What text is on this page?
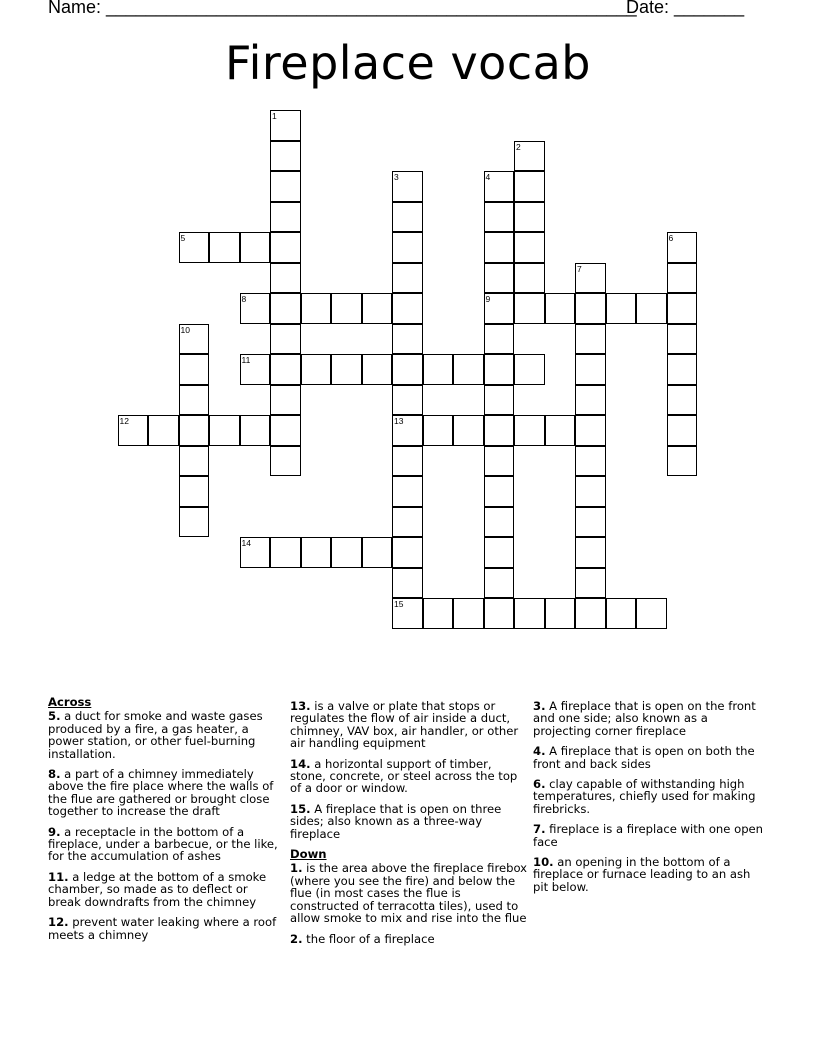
Name: _____________________________________________________
Date: _______
Fireplace vocab
1
2
3
13
15
4
9
5	6
7
8
10
11
12
14
Across
5. a duct for smoke and waste gases produced by a fire, a gas heater, a power station, or other fuel-burning installation.
8. a part of a chimney immediately above the fire place where the walls of the flue are gathered or brought close together to increase the draft
9. a receptacle in the bottom of a fireplace, under a barbecue, or the like, for the accumulation of ashes
11. a ledge at the bottom of a smoke chamber, so made as to deflect or break downdrafts from the chimney
12. prevent water leaking where a roof meets a chimney
13. is a valve or plate that stops or regulates the flow of air inside a duct, chimney, VAV box, air handler, or other air handling equipment
14. a horizontal support of timber, stone, concrete, or steel across the top of a door or window.
15. A fireplace that is open on three sides; also known as a three-way fireplace
Down
1. is the area above the fireplace firebox (where you see the fire) and below the flue (in most cases the flue is constructed of terracotta tiles), used to allow smoke to mix and rise into the flue
2. the floor of a fireplace
3. A fireplace that is open on the front and one side; also known as a projecting corner fireplace
4. A fireplace that is open on both the front and back sides
6. clay capable of withstanding high temperatures, chiefly used for making firebricks.
7. fireplace is a fireplace with one open face
10. an opening in the bottom of a fireplace or furnace leading to an ash pit below.
